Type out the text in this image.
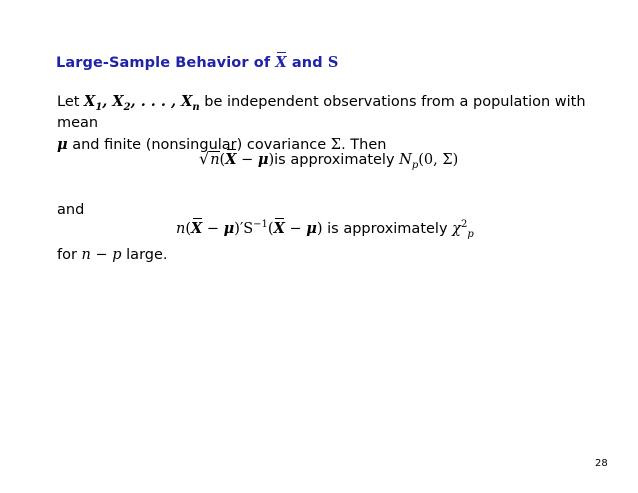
Large-Sample Behavior of X and S
Let $X_1$, $X_2$, . . . , $X_n$ be independent observations from a population with mean
μ and finite (nonsingular) covariance Σ. Then
√n(X − μ)is approximately $N_p(0$, Σ)
and
$n(X - \mu)'S^{-1}(X - \mu)$ is approximately $\chi^2_p$
for n − p large.
28
